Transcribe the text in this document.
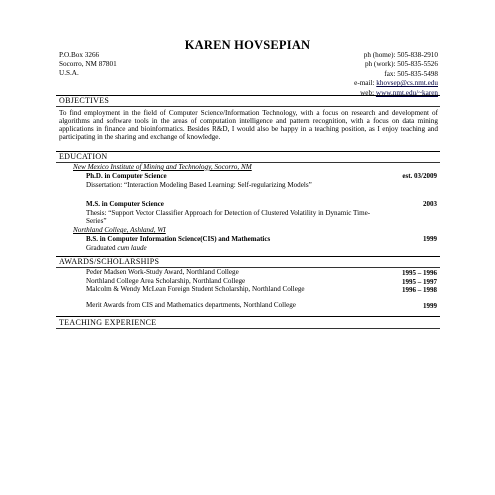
KAREN HOVSEPIAN
P.O.Box 3266
Socorro, NM 87801
U.S.A.
ph (home): 505-838-2910
ph (work): 505-835-5526
fax: 505-835-5498
e-mail: khovsep@cs.nmt.edu
web: www.nmt.edu/~karen
OBJECTIVES
To find employment in the field of Computer Science/Information Technology, with a focus on research and development of algorithms and software tools in the areas of computation intelligence and pattern recognition, with a focus on data mining applications in finance and bioinformatics. Besides R&D, I would also be happy in a teaching position, as I enjoy teaching and participating in the sharing and exchange of knowledge.
EDUCATION
New Mexico Institute of Mining and Technology, Socorro, NM
Ph.D. in Computer Science	est. 03/2009
Dissertation: “Interaction Modeling Based Learning: Self-regularizing Models”
M.S. in Computer Science	2003
Thesis: “Support Vector Classifier Approach for Detection of Clustered Volatility in Dynamic Time-Series”
Northland College, Ashland, WI
B.S. in Computer Information Science(CIS) and Mathematics	1999
Graduated cum laude
AWARDS/SCHOLARSHIPS
Peder Madsen Work-Study Award, Northland College	1995 – 1996
Northland College Area Scholarship, Northland College	1995 – 1997
Malcolm & Wendy McLean Foreign Student Scholarship, Northland College	1996 – 1998
Merit Awards from CIS and Mathematics departments, Northland College	1999
TEACHING EXPERIENCE
